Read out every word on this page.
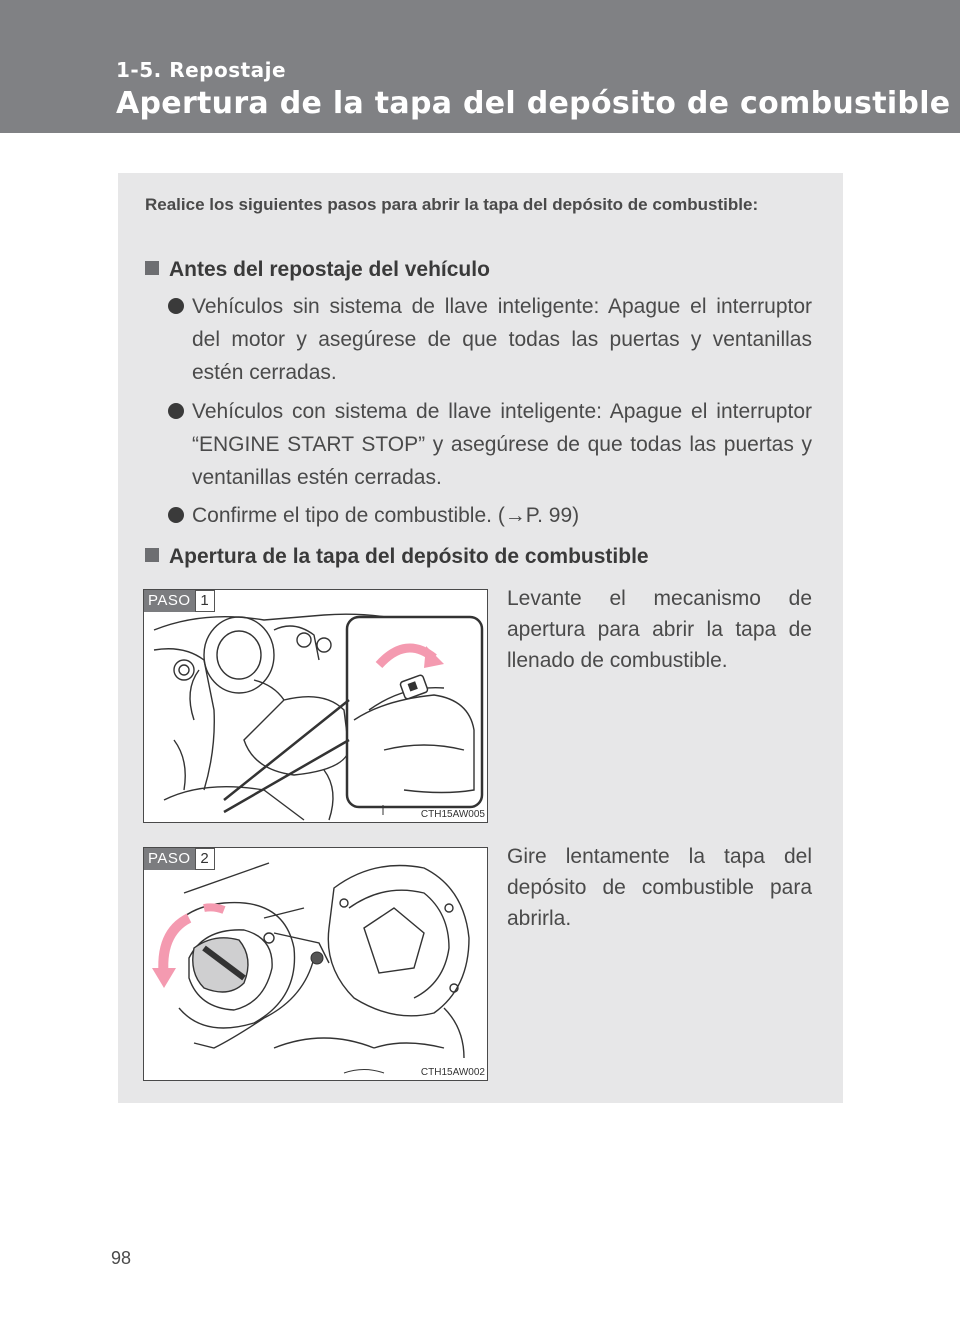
1-5. Repostaje
Apertura de la tapa del depósito de combustible
Realice los siguientes pasos para abrir la tapa del depósito de combustible:
Antes del repostaje del vehículo
Vehículos sin sistema de llave inteligente: Apague el interruptor del motor y asegúrese de que todas las puertas y ventanillas estén cerradas.
Vehículos con sistema de llave inteligente: Apague el interruptor “ENGINE START STOP” y asegúrese de que todas las puertas y ventanillas estén cerradas.
Confirme el tipo de combustible. (→P. 99)
Apertura de la tapa del depósito de combustible
PASO 1
CTH15AW005
Levante el mecanismo de apertura para abrir la tapa de llenado de combustible.
PASO 2
CTH15AW002
Gire lentamente la tapa del depósito de combustible para abrirla.
98
